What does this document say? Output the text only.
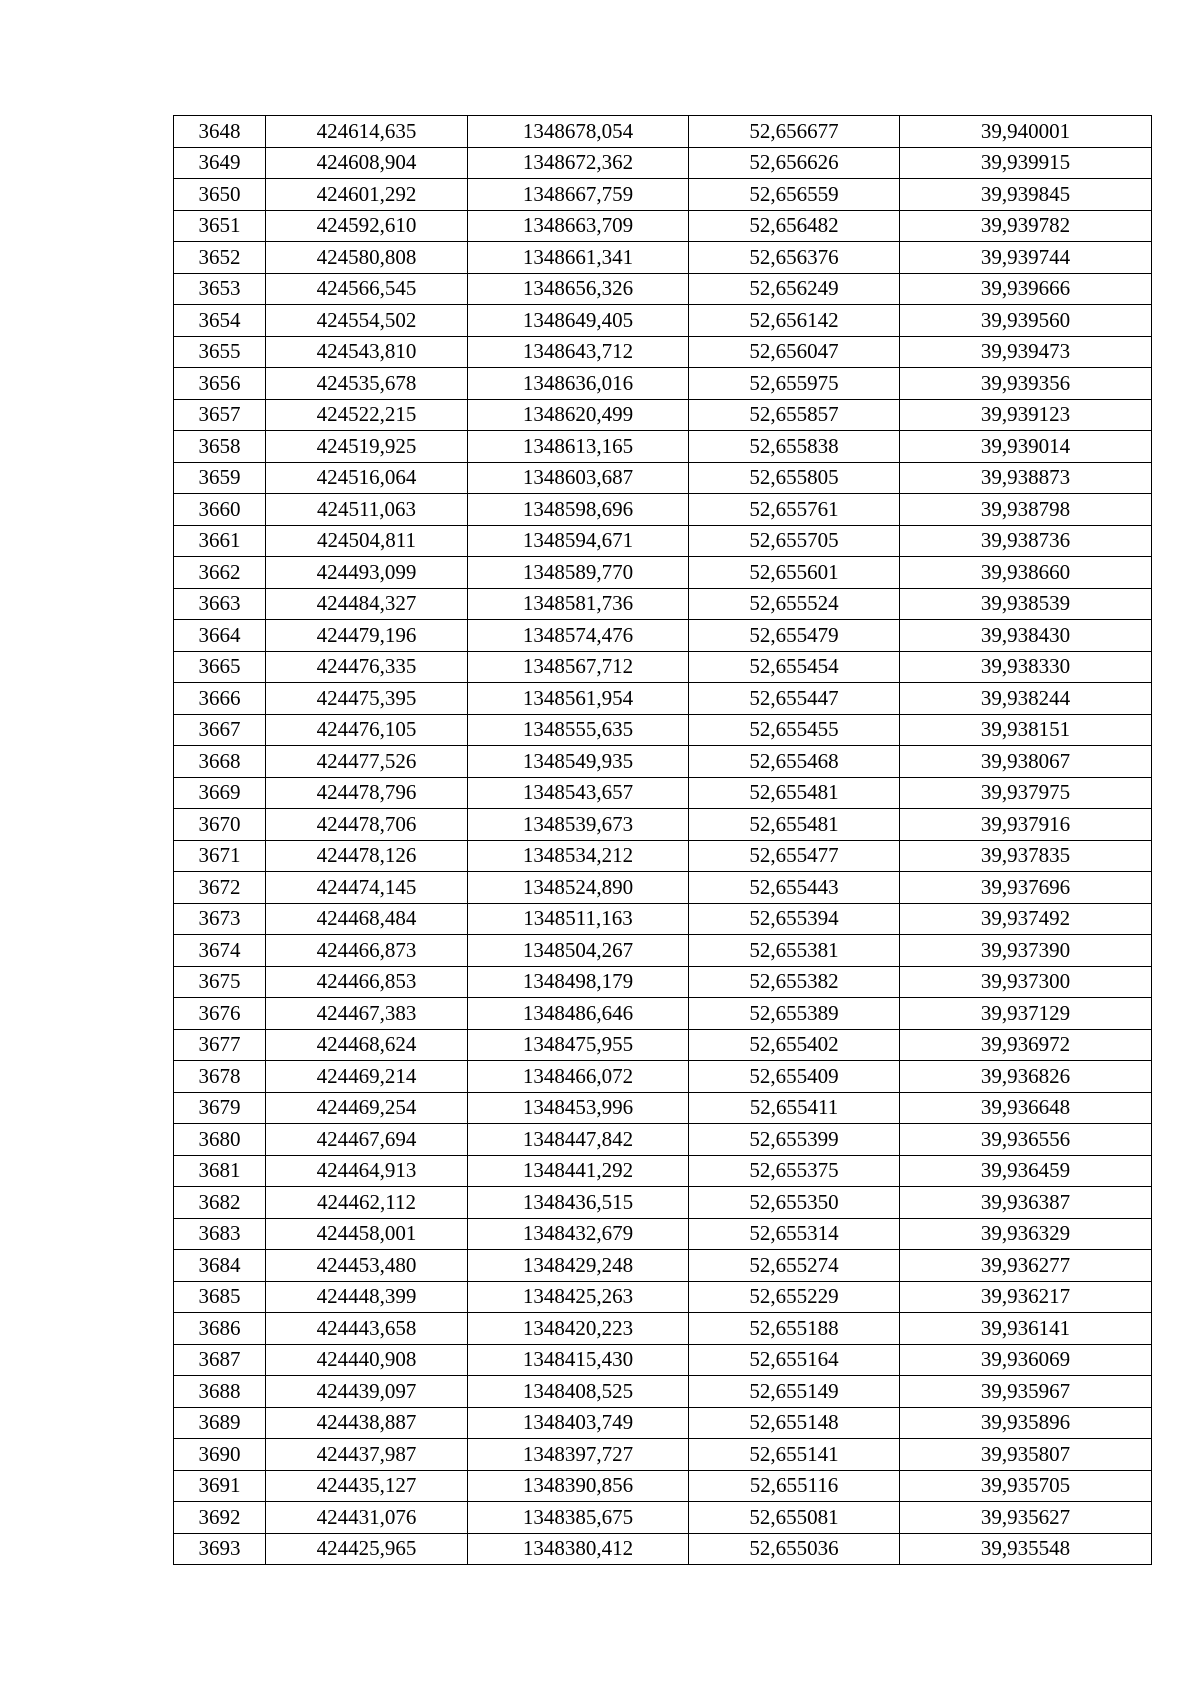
3648	424614,635	1348678,054	52,656677	39,940001
3649	424608,904	1348672,362	52,656626	39,939915
3650	424601,292	1348667,759	52,656559	39,939845
3651	424592,610	1348663,709	52,656482	39,939782
3652	424580,808	1348661,341	52,656376	39,939744
3653	424566,545	1348656,326	52,656249	39,939666
3654	424554,502	1348649,405	52,656142	39,939560
3655	424543,810	1348643,712	52,656047	39,939473
3656	424535,678	1348636,016	52,655975	39,939356
3657	424522,215	1348620,499	52,655857	39,939123
3658	424519,925	1348613,165	52,655838	39,939014
3659	424516,064	1348603,687	52,655805	39,938873
3660	424511,063	1348598,696	52,655761	39,938798
3661	424504,811	1348594,671	52,655705	39,938736
3662	424493,099	1348589,770	52,655601	39,938660
3663	424484,327	1348581,736	52,655524	39,938539
3664	424479,196	1348574,476	52,655479	39,938430
3665	424476,335	1348567,712	52,655454	39,938330
3666	424475,395	1348561,954	52,655447	39,938244
3667	424476,105	1348555,635	52,655455	39,938151
3668	424477,526	1348549,935	52,655468	39,938067
3669	424478,796	1348543,657	52,655481	39,937975
3670	424478,706	1348539,673	52,655481	39,937916
3671	424478,126	1348534,212	52,655477	39,937835
3672	424474,145	1348524,890	52,655443	39,937696
3673	424468,484	1348511,163	52,655394	39,937492
3674	424466,873	1348504,267	52,655381	39,937390
3675	424466,853	1348498,179	52,655382	39,937300
3676	424467,383	1348486,646	52,655389	39,937129
3677	424468,624	1348475,955	52,655402	39,936972
3678	424469,214	1348466,072	52,655409	39,936826
3679	424469,254	1348453,996	52,655411	39,936648
3680	424467,694	1348447,842	52,655399	39,936556
3681	424464,913	1348441,292	52,655375	39,936459
3682	424462,112	1348436,515	52,655350	39,936387
3683	424458,001	1348432,679	52,655314	39,936329
3684	424453,480	1348429,248	52,655274	39,936277
3685	424448,399	1348425,263	52,655229	39,936217
3686	424443,658	1348420,223	52,655188	39,936141
3687	424440,908	1348415,430	52,655164	39,936069
3688	424439,097	1348408,525	52,655149	39,935967
3689	424438,887	1348403,749	52,655148	39,935896
3690	424437,987	1348397,727	52,655141	39,935807
3691	424435,127	1348390,856	52,655116	39,935705
3692	424431,076	1348385,675	52,655081	39,935627
3693	424425,965	1348380,412	52,655036	39,935548
